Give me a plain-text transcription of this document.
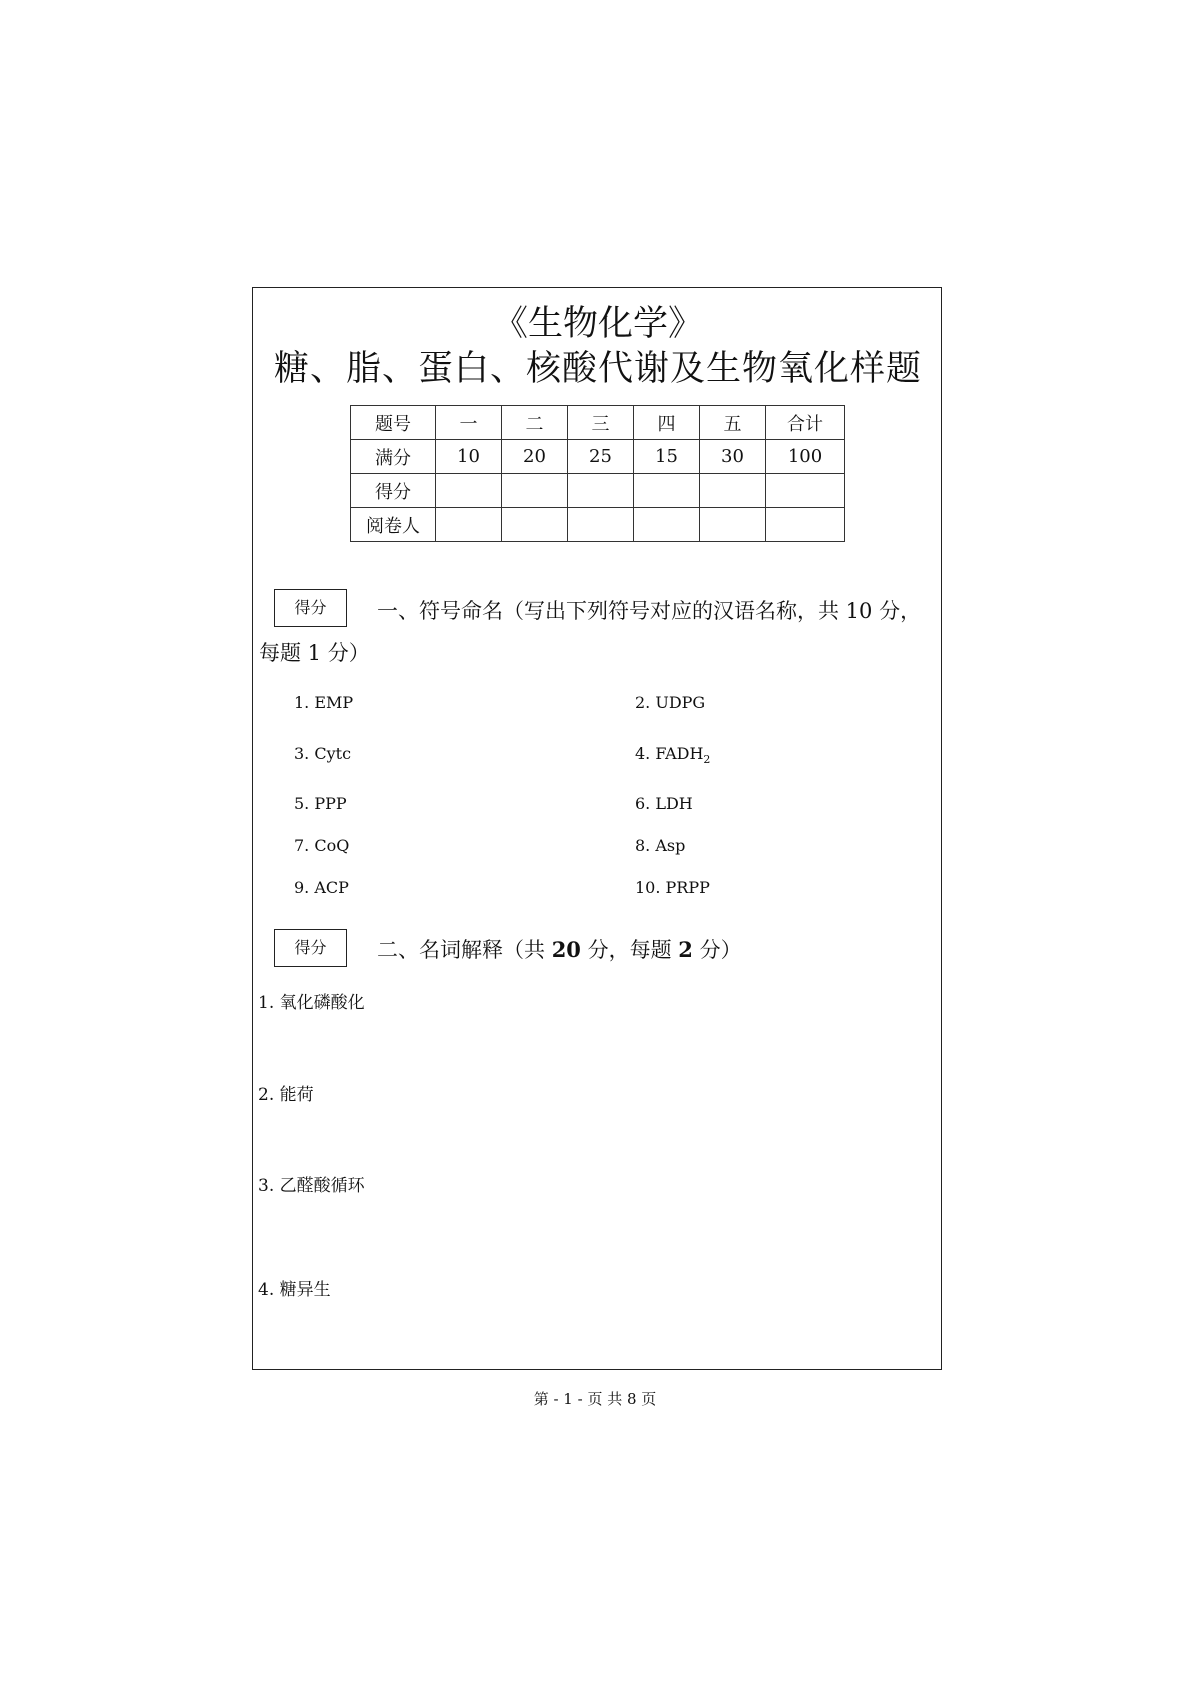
《生物化学》
糖、脂、蛋白、核酸代谢及生物氧化样题
题号	一	二	三	四	五	合计
满分	10	20	25	15	30	100
得分						
阅卷人						
得分	一、符号命名（写出下列符号对应的汉语名称，共 10 分，
每题 1 分）
1. EMP	2. UDPG
3. Cytc	4. $FADH_2$
5. PPP	6. LDH
7. CoQ	8. Asp
9. ACP	10. PRPP
得分	二、名词解释（共 20 分，每题 2 分）
1. 氧化磷酸化
2. 能荷
3. 乙醛酸循环
4. 糖异生
第 - 1 - 页 共 8 页
